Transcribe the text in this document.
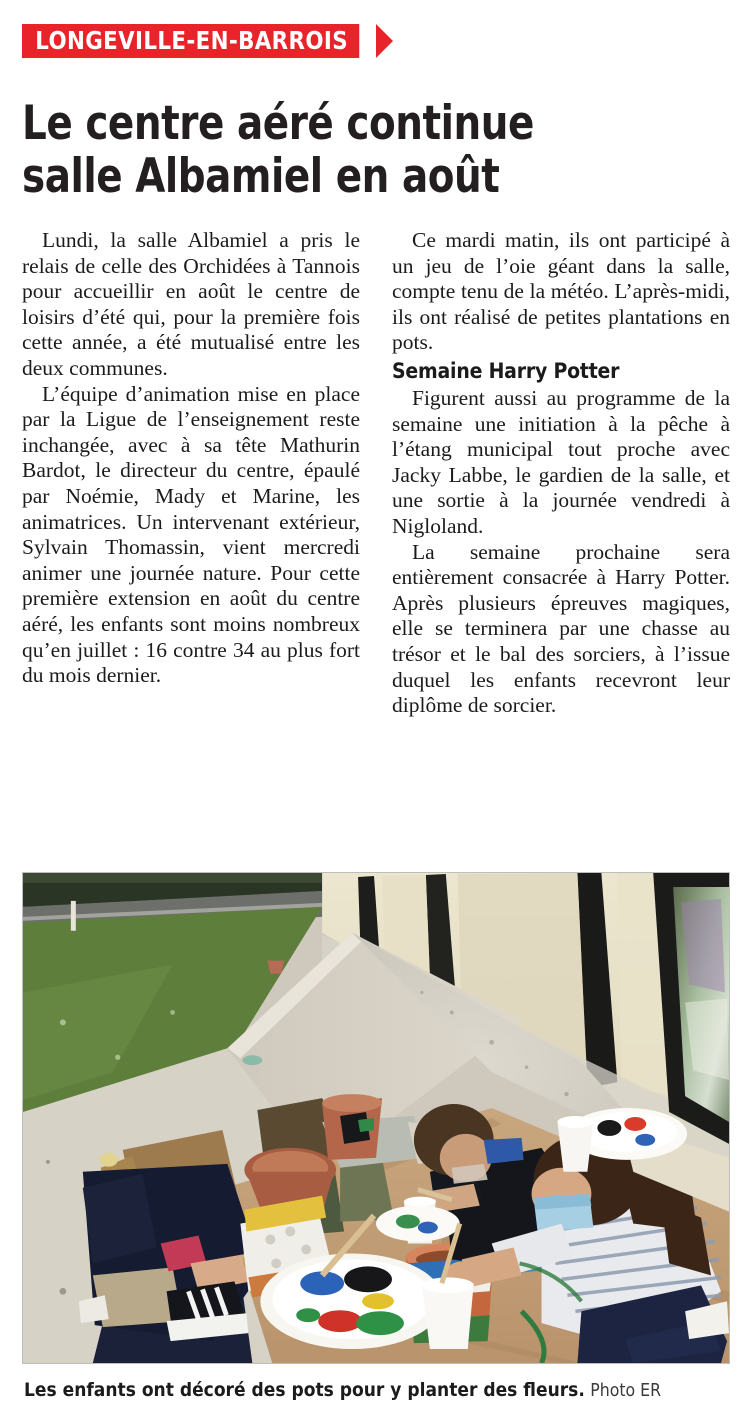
LONGEVILLE-EN-BARROIS
Le centre aéré continue
salle Albamiel en août

Lundi, la salle Albamiel a pris le relais de celle des Orchidées à Tannois pour accueillir en août le centre de loisirs d’été qui, pour la première fois cette année, a été mutualisé entre les deux communes.

L’équipe d’animation mise en place par la Ligue de l’enseignement reste inchangée, avec à sa tête Mathurin Bardot, le directeur du centre, épaulé par Noémie, Mady et Marine, les animatrices. Un intervenant extérieur, Sylvain Thomassin, vient mercredi animer une journée nature. Pour cette première extension en août du centre aéré, les enfants sont moins nombreux qu’en juillet : 16 contre 34 au plus fort du mois dernier.

Ce mardi matin, ils ont participé à un jeu de l’oie géant dans la salle, compte tenu de la météo. L’après-midi, ils ont réalisé de petites plantations en pots.

Semaine Harry Potter

Figurent aussi au programme de la semaine une initiation à la pêche à l’étang municipal tout proche avec Jacky Labbe, le gardien de la salle, et une sortie à la journée vendredi à Nigloland.

La semaine prochaine sera entièrement consacrée à Harry Potter. Après plusieurs épreuves magiques, elle se terminera par une chasse au trésor et le bal des sorciers, à l’issue duquel les enfants recevront leur diplôme de sorcier.

Les enfants ont décoré des pots pour y planter des fleurs. Photo ER
